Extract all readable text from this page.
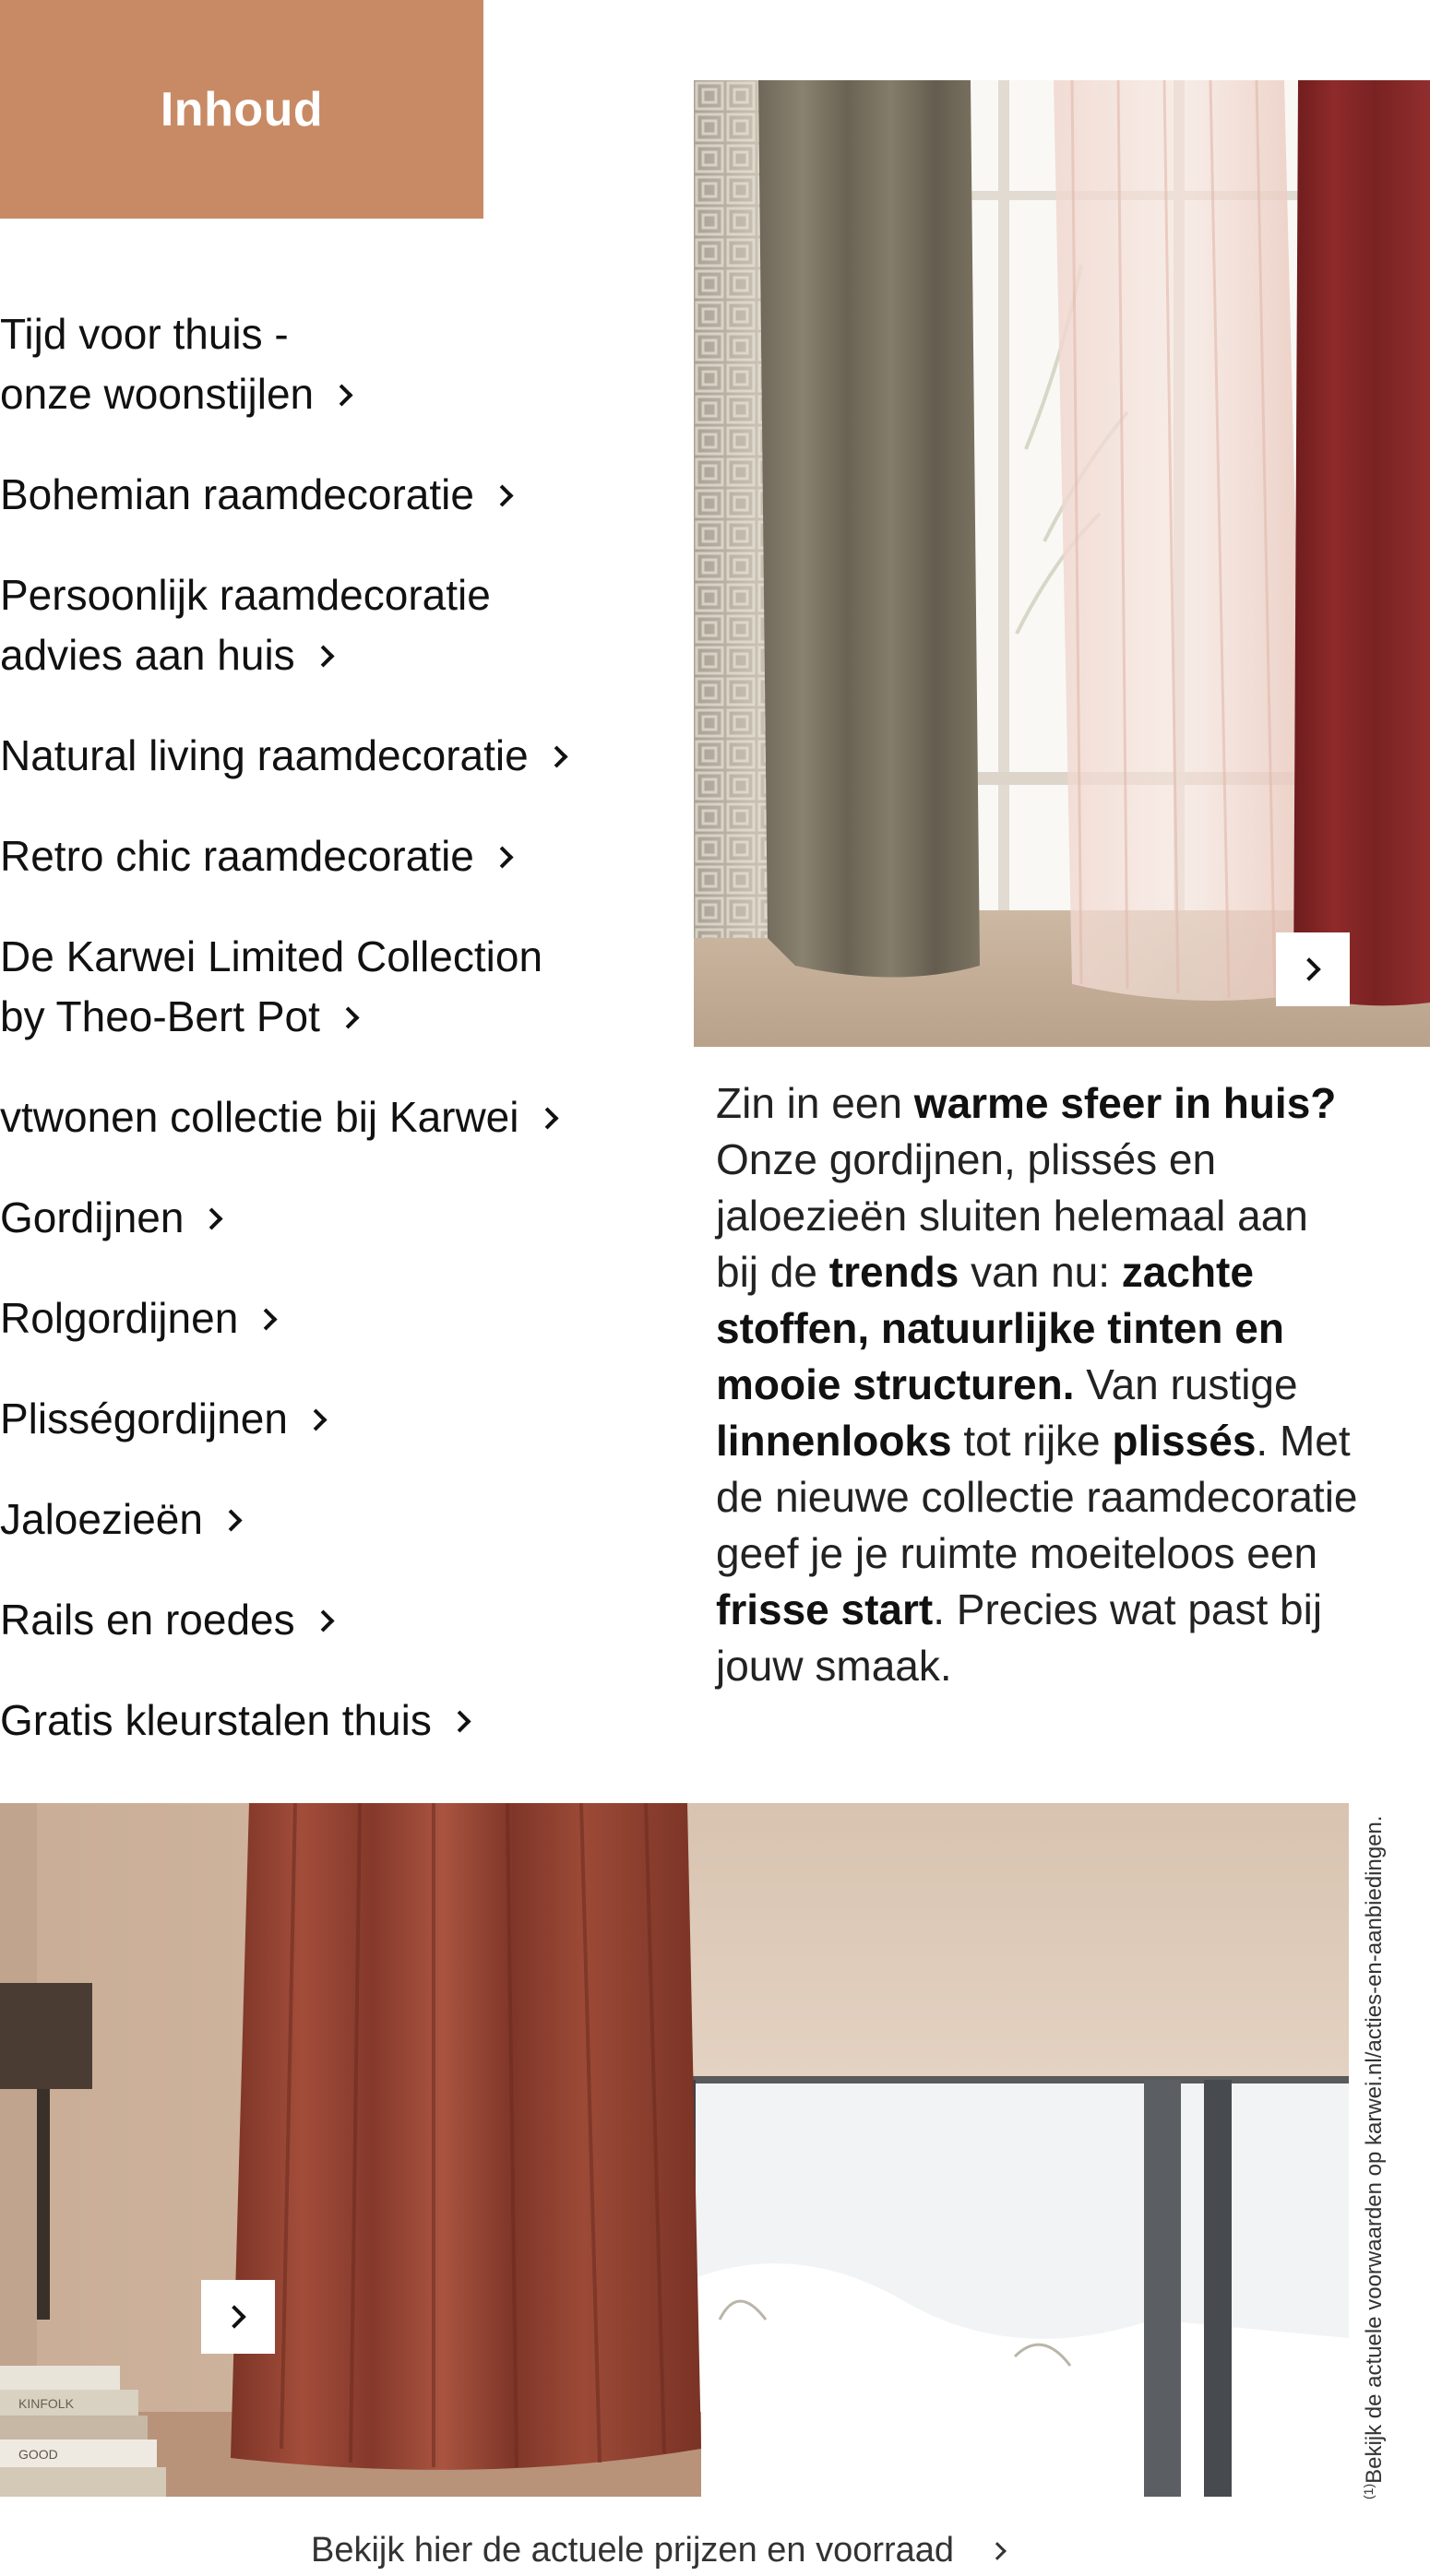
Inhoud
Tijd voor thuis -
onze woonstijlen
Bohemian raamdecoratie
Persoonlijk raamdecoratie
advies aan huis
Natural living raamdecoratie
Retro chic raamdecoratie
De Karwei Limited Collection
by Theo-Bert Pot
vtwonen collectie bij Karwei
Gordijnen
Rolgordijnen
Plisségordijnen
Jaloezieën
Rails en roedes
Gratis kleurstalen thuis
Zin in een warme sfeer in huis? Onze gordijnen, plissés en jaloezieën sluiten helemaal aan bij de trends van nu: zachte stoffen, natuurlijke tinten en mooie structuren. Van rustige linnenlooks tot rijke plissés. Met de nieuwe collectie raamdecoratie geef je je ruimte moeiteloos een frisse start. Precies wat past bij jouw smaak.
KINFOLK
GOOD
$^{(1)}$Bekijk de actuele voorwaarden op karwei.nl/acties-en-aanbiedingen.
Bekijk hier de actuele prijzen en voorraad
